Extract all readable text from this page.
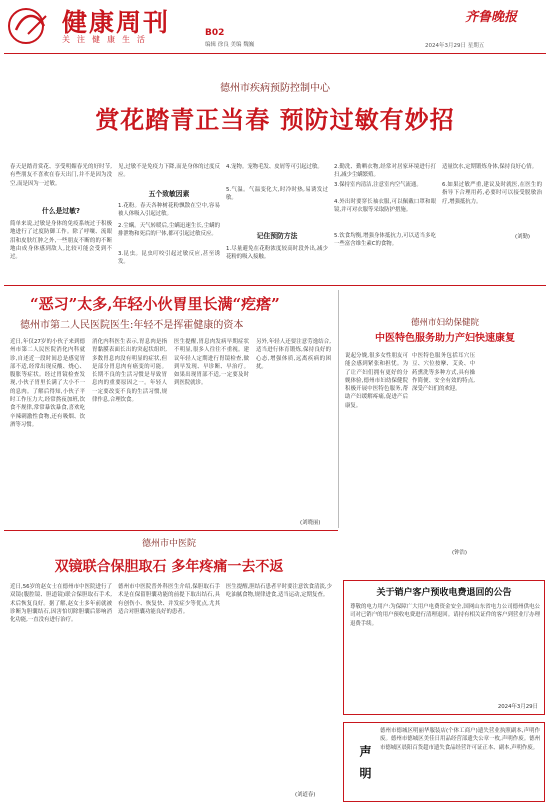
健康周刊
关注健康生活
B02
编辑 徐良 美编 魏巍
齐鲁晚报
2024年3月29日 星期五
德州市疾病预防控制中心
赏花踏青正当春 预防过敏有妙招
春天是踏青赏花、享受明媚春光的好时节,有些朋友不喜欢在春天出门,并不是因为没空,而是因为一过敏。
什么是过敏?
简单来说,过敏是身体的免疫系统过于积极地进行了过度防御工作。除了呼嚷、流眼泪和皮肤红肿之外,一些朋友不断的的不断地由成身体感到敌人,比较可能会受到不过。
见,过敏不是免疫力下降,而是身体的过度反应。
五个致敏因素
1.花粉。春天各种树花粉飘散在空中,容易被人体吸入引起过敏。
2.尘螨。天气转暖后,尘螨迅速生长,尘螨的排泄物和死后的尸体,都可引起过敏反应。
3.昆虫。昆虫叮咬引起过敏反应,甚至诱发。
4.宠物。宠物毛发、皮屑等可引起过敏。
5.气温。气温变化大,时冷时热,易诱发过敏。
记住预防方法
1.尽量避免在花粉浓度较高时段外出,减少花粉的吸入接触。
2.勤洗、勤晒衣物,经常对居家环境进行打扫,减少尘螨繁殖。
3.保持室内清洁,注意室内空气流通。
4.外出时要穿长袖衣服,可以佩戴口罩和眼镜,并可对衣服等采取防护措施。
5.饮食均衡,增强身体抵抗力,可以适当多吃一些富含维生素C的食物。
适量饮水,定期锻炼身体,保持良好心情。
6.如果过敏严重,建议及时就医,在医生的指导下合理用药,必要时可以接受脱敏治疗,增强抵抗力。
(刘勤)
“恶习”太多,年轻小伙胃里长满“疙瘩”
德州市第二人民医院医生:年轻不是挥霍健康的资本
近日,年仅27岁的小伙子来到德州市第二人民医院消化内科就诊,自述近一段时间总是感觉胃部不适,经常出现反酸、烧心、腹胀等症状。经过胃镜检查发现,小伙子胃里长满了大小不一的息肉。了解后得知,小伙子平时工作压力大,经常熬夜加班,饮食不规律,常常暴饮暴食,喜欢吃辛辣刺激性食物,还有吸烟、饮酒等习惯。
消化内科医生表示,胃息肉是指胃黏膜表面长出的突起状组织,多数胃息肉没有明显的症状,但是部分胃息肉有癌变的可能。长期不良的生活习惯是导致胃息肉的重要原因之一。年轻人一定要改变不良的生活习惯,规律作息,合理饮食。
医生提醒,胃息肉发病早期症状不明显,很多人往往不重视。建议年轻人定期进行胃镜检查,做到早发现、早诊断、早治疗。如果出现胃部不适,一定要及时到医院就诊。
另外,年轻人还要注意劳逸结合,适当进行体育锻炼,保持良好的心态,增强体质,远离疾病的困扰。
(刘晓丽)
德州市妇幼保健院
中医特色服务助力产妇快速康复
说起分娩,很多女性朋友可能会感到紧张和担忧。为了让产妇们拥有更好的分娩体验,德州市妇幼保健院积极开展中医特色服务,帮助产妇缓解疼痛,促进产后康复。
中医特色服务包括耳穴压豆、穴位按摩、艾灸、中药熏洗等多种方式,具有操作简便、安全有效的特点,深受产妇们的欢迎。
(钟浩)
德州市中医院
双镜联合保胆取石 多年疼痛一去不返
近日,56岁的赵女士在德州市中医院进行了双镜(腹腔镜、胆道镜)联合保胆取石手术,术后恢复良好。据了解,赵女士多年前就被诊断为胆囊结石,因害怕切除胆囊后影响消化功能,一直没有进行治疗。
德州市中医院普外科医生介绍,保胆取石手术是在保留胆囊功能的前提下取出结石,具有创伤小、恢复快、并发症少等优点,尤其适合对胆囊功能良好的患者。
医生提醒,胆结石患者平时要注意饮食清淡,少吃油腻食物,规律进食,适当运动,定期复查。
(刘道春)
关于销户客户预收电费退回的公告
尊敬的电力用户:为保障广大用户电费资金安全,国网山东省电力公司德州供电公司对已销户的用户预收电费进行清理退回。请持有相关证件的客户到营业厅办理退费手续。
2024年3月29日
声明
德州市德城区明丽华服装店(个体工商户)遗失营业执照副本,声明作废。德州市德城区美佳日用品经营部遗失公章一枚,声明作废。德州市德城区晨阳百货超市遗失食品经营许可证正本、副本,声明作废。
